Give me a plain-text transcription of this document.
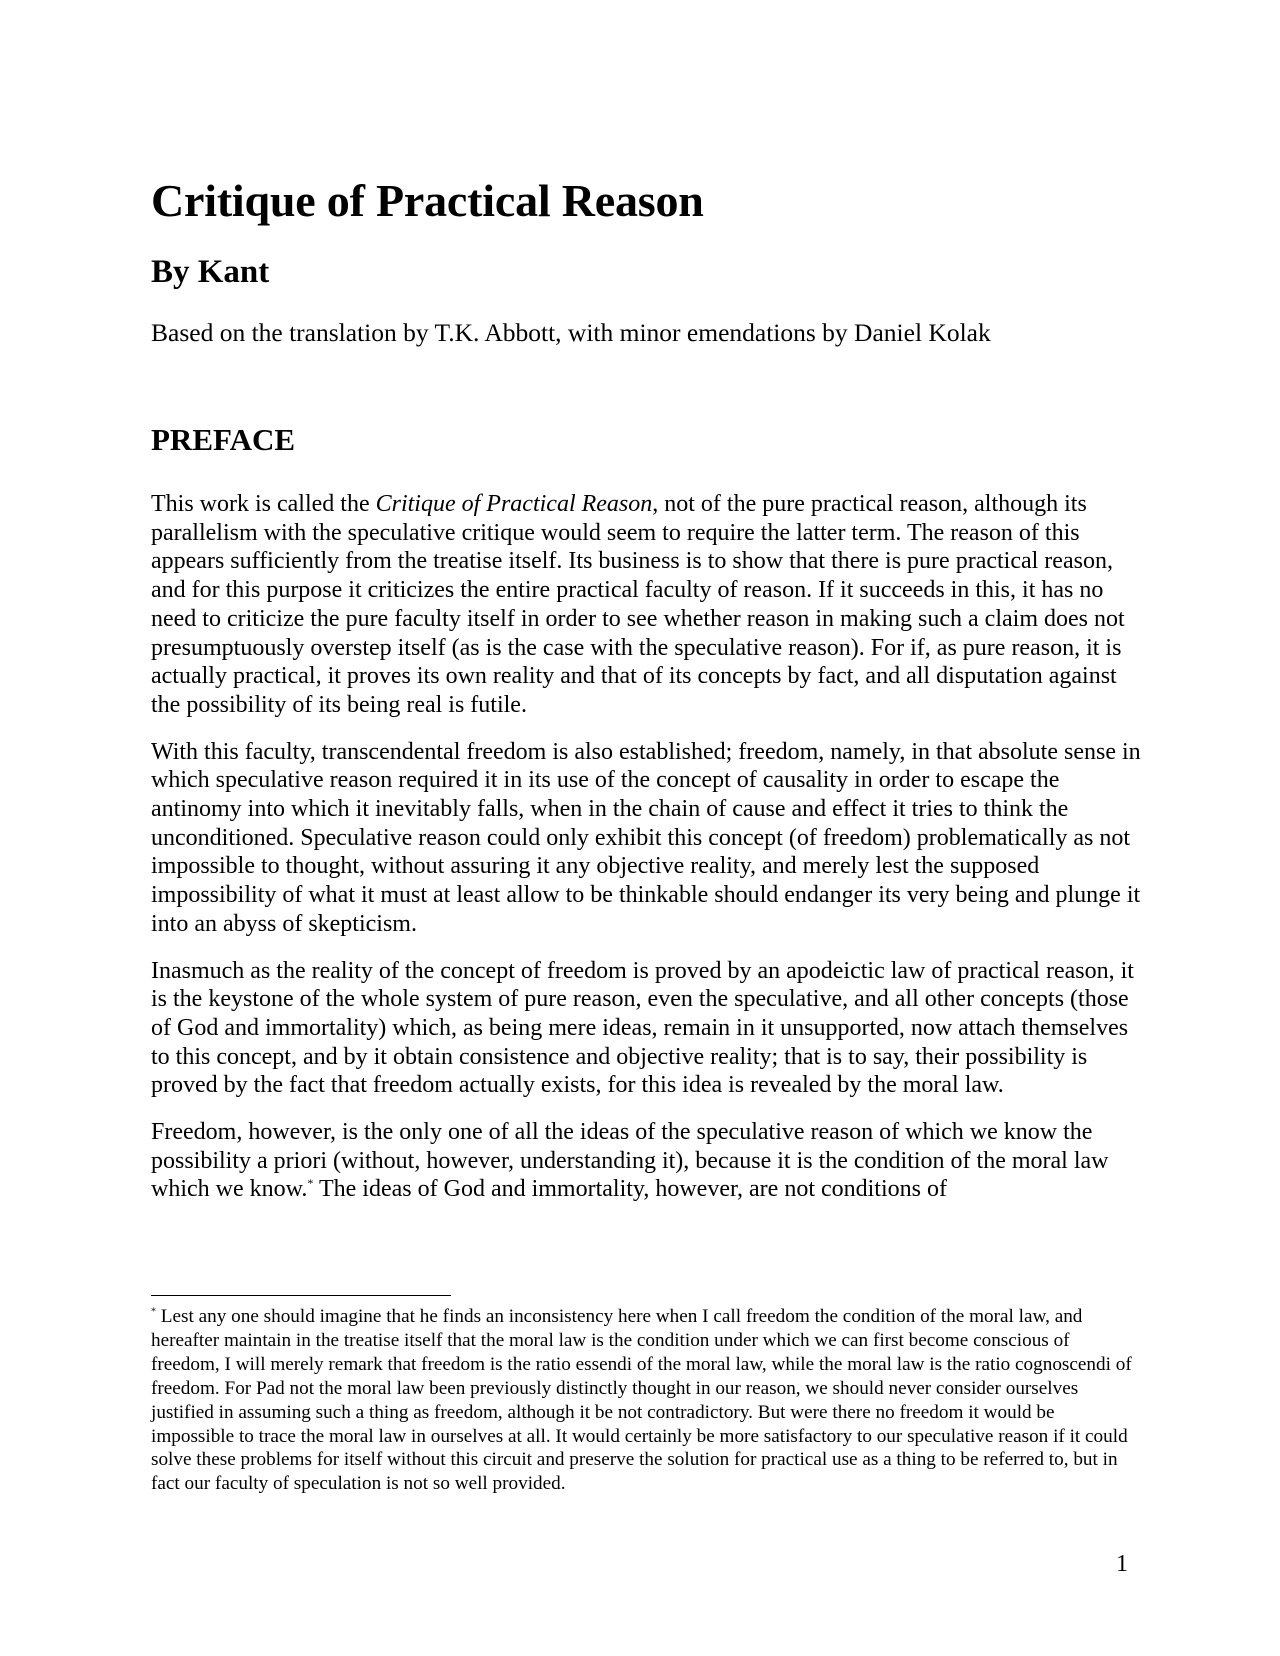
Critique of Practical Reason
By Kant

Based on the translation by T.K. Abbott, with minor emendations by Daniel Kolak

PREFACE

This work is called the Critique of Practical Reason, not of the pure practical reason, although its parallelism with the speculative critique would seem to require the latter term. The reason of this appears sufficiently from the treatise itself. Its business is to show that there is pure practical reason, and for this purpose it criticizes the entire practical faculty of reason. If it succeeds in this, it has no need to criticize the pure faculty itself in order to see whether reason in making such a claim does not presumptuously overstep itself (as is the case with the speculative reason). For if, as pure reason, it is actually practical, it proves its own reality and that of its concepts by fact, and all disputation against the possibility of its being real is futile.

With this faculty, transcendental freedom is also established; freedom, namely, in that absolute sense in which speculative reason required it in its use of the concept of causality in order to escape the antinomy into which it inevitably falls, when in the chain of cause and effect it tries to think the unconditioned. Speculative reason could only exhibit this concept (of freedom) problematically as not impossible to thought, without assuring it any objective reality, and merely lest the supposed impossibility of what it must at least allow to be thinkable should endanger its very being and plunge it into an abyss of skepticism.

Inasmuch as the reality of the concept of freedom is proved by an apodeictic law of practical reason, it is the keystone of the whole system of pure reason, even the speculative, and all other concepts (those of God and immortality) which, as being mere ideas, remain in it unsupported, now attach themselves to this concept, and by it obtain consistence and objective reality; that is to say, their possibility is proved by the fact that freedom actually exists, for this idea is revealed by the moral law.

Freedom, however, is the only one of all the ideas of the speculative reason of which we know the possibility a priori (without, however, understanding it), because it is the condition of the moral law which we know.* The ideas of God and immortality, however, are not conditions of

* Lest any one should imagine that he finds an inconsistency here when I call freedom the condition of the moral law, and hereafter maintain in the treatise itself that the moral law is the condition under which we can first become conscious of freedom, I will merely remark that freedom is the ratio essendi of the moral law, while the moral law is the ratio cognoscendi of freedom. For Pad not the moral law been previously distinctly thought in our reason, we should never consider ourselves justified in assuming such a thing as freedom, although it be not contradictory. But were there no freedom it would be impossible to trace the moral law in ourselves at all. It would certainly be more satisfactory to our speculative reason if it could solve these problems for itself without this circuit and preserve the solution for practical use as a thing to be referred to, but in fact our faculty of speculation is not so well provided.

1
